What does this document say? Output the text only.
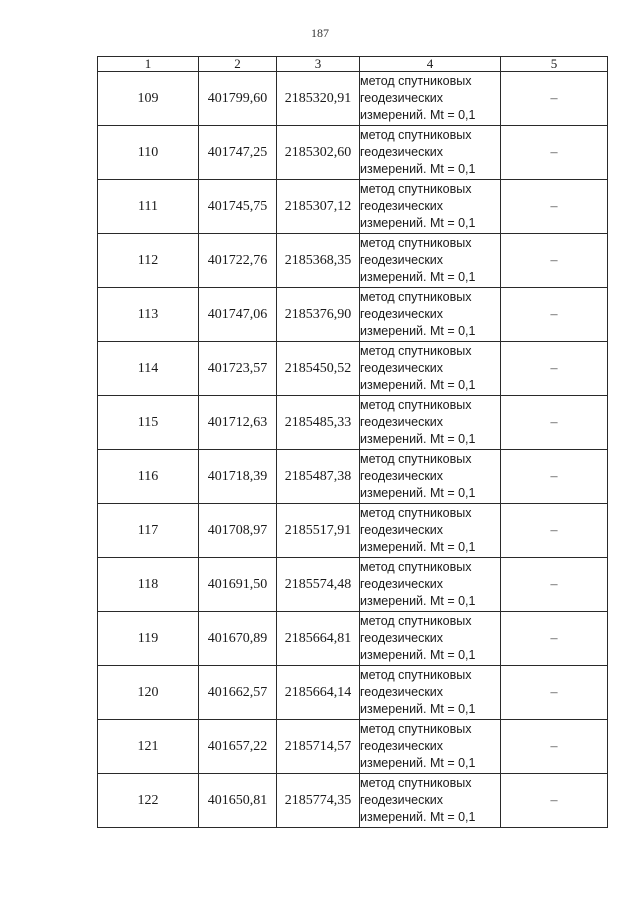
187
1	2	3	4	5
109	401799,60	2185320,91	метод спутниковых
геодезических
измерений. Mt = 0,1	–
110	401747,25	2185302,60	метод спутниковых
геодезических
измерений. Mt = 0,1	–
111	401745,75	2185307,12	метод спутниковых
геодезических
измерений. Mt = 0,1	–
112	401722,76	2185368,35	метод спутниковых
геодезических
измерений. Mt = 0,1	–
113	401747,06	2185376,90	метод спутниковых
геодезических
измерений. Mt = 0,1	–
114	401723,57	2185450,52	метод спутниковых
геодезических
измерений. Mt = 0,1	–
115	401712,63	2185485,33	метод спутниковых
геодезических
измерений. Mt = 0,1	–
116	401718,39	2185487,38	метод спутниковых
геодезических
измерений. Mt = 0,1	–
117	401708,97	2185517,91	метод спутниковых
геодезических
измерений. Mt = 0,1	–
118	401691,50	2185574,48	метод спутниковых
геодезических
измерений. Mt = 0,1	–
119	401670,89	2185664,81	метод спутниковых
геодезических
измерений. Mt = 0,1	–
120	401662,57	2185664,14	метод спутниковых
геодезических
измерений. Mt = 0,1	–
121	401657,22	2185714,57	метод спутниковых
геодезических
измерений. Mt = 0,1	–
122	401650,81	2185774,35	метод спутниковых
геодезических
измерений. Mt = 0,1	–
